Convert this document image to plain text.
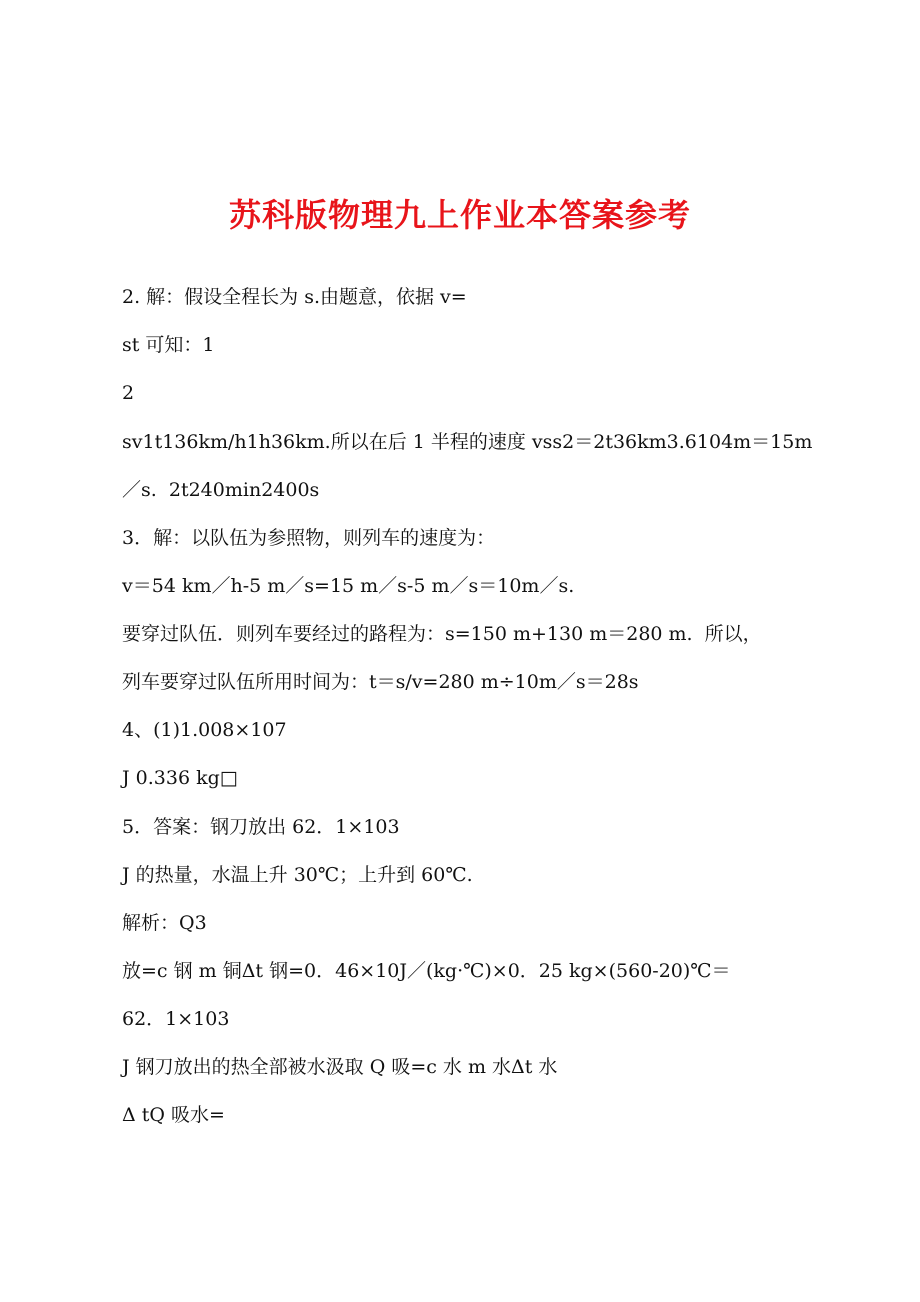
苏科版物理九上作业本答案参考
2. 解：假设全程长为 s.由题意，依据 v=
st 可知：1
2
sv1t136km/h1h36km.所以在后 1 半程的速度 vss2＝2t36km3.6104m＝15m
／s.  2t240min2400s
3．解：以队伍为参照物，则列车的速度为：
v＝54 km／h-5 m／s=15 m／s-5 m／s＝10m／s.
要穿过队伍．则列车要经过的路程为：s=150 m+130 m＝280 m.  所以，
列车要穿过队伍所用时间为：t＝s/v=280 m÷10m／s＝28s
4、(1)1.008×107
J 0.336 kg□
5．答案：钢刀放出 62．1×103
J 的热量，水温上升 30℃；上升到 60℃.
解析：Q3
放=c 钢 m 铜Δt 钢=0．46×10J／(kg·℃)×0．25 kg×(560-20)℃＝
62．1×103
J 钢刀放出的热全部被水汲取 Q 吸=c 水 m 水Δt 水
Δ tQ 吸水=
